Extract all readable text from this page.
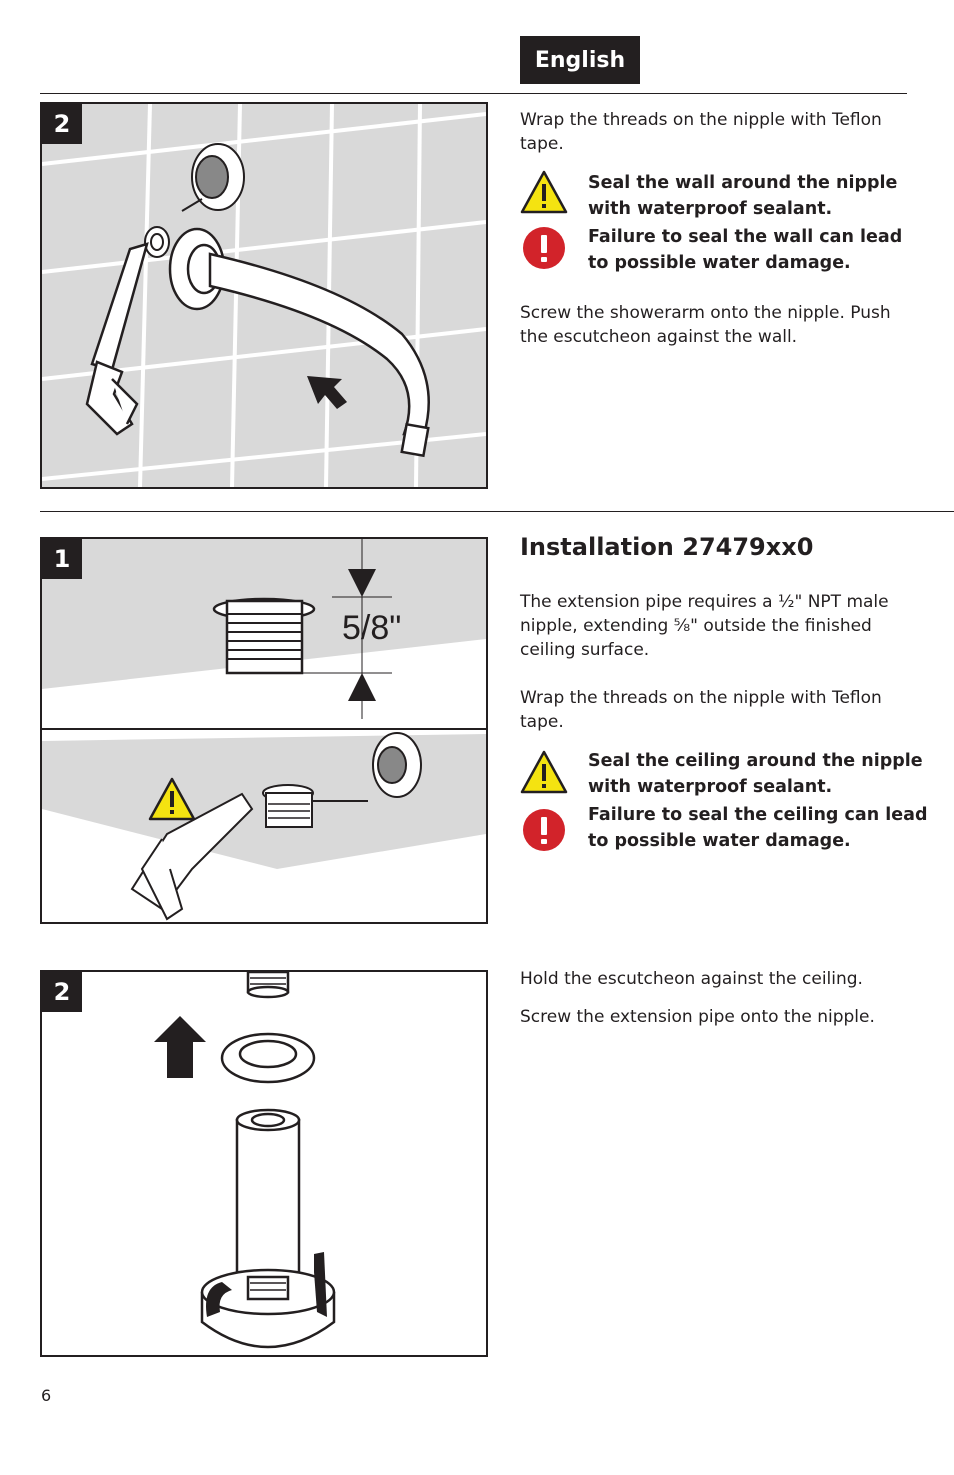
English
2	Wrap the threads on the nipple with Teflon tape.
Seal the wall around the nipple with waterproof sealant.
Failure to seal the wall can lead to possible water damage.
Screw the showerarm onto the nipple. Push the escutcheon against the wall.
5/8"
1	Installation 27479xx0
The extension pipe requires a ½" NPT male nipple, extending ⅝" outside the finished ceiling surface.
Wrap the threads on the nipple with Teflon tape.
Seal the ceiling around the nipple with waterproof sealant.
Failure to seal the ceiling can lead to possible water damage.
2	Hold the escutcheon against the ceiling.
Screw the extension pipe onto the nipple.
6
